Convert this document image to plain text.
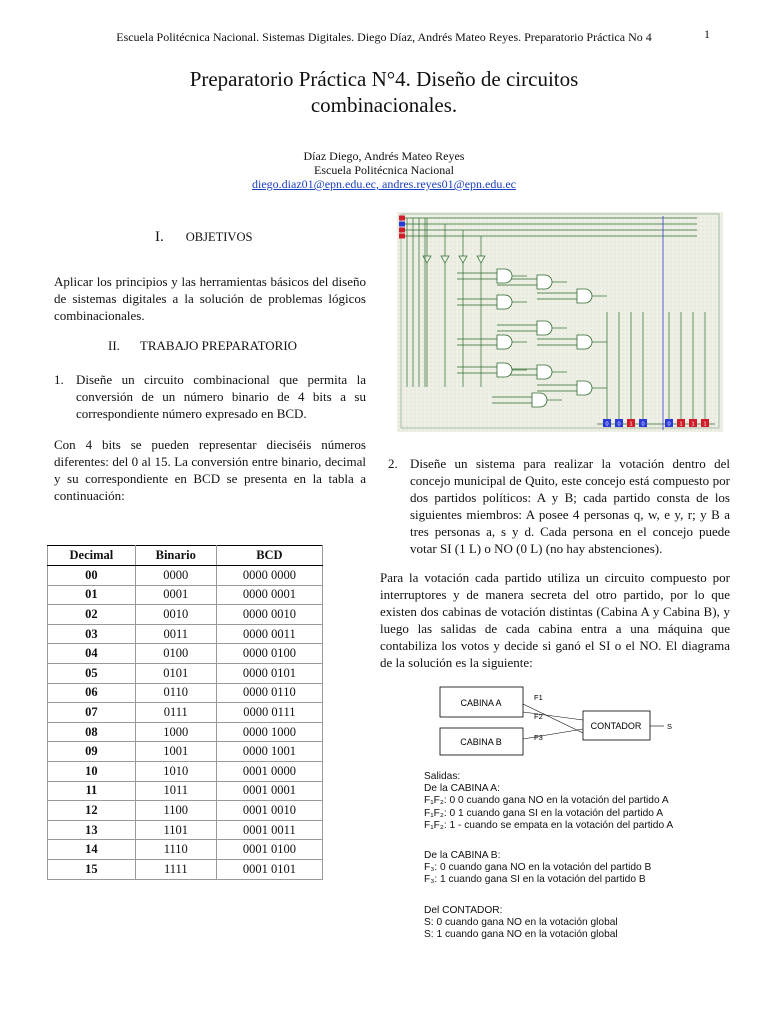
Escuela Politécnica Nacional. Sistemas Digitales. Diego Díaz, Andrés Mateo Reyes. Preparatorio Práctica No 4	1
Preparatorio Práctica N°4. Diseño de circuitos
combinacionales.
Díaz Diego, Andrés Mateo Reyes
Escuela Politécnica Nacional
diego.diaz01@epn.edu.ec, andres.reyes01@epn.edu.ec
I. OBJETIVOS
Aplicar los principios y las herramientas básicos del diseño de sistemas digitales a la solución de problemas lógicos combinacionales.
II. TRABAJO PREPARATORIO
1. Diseñe un circuito combinacional que permita la conversión de un número binario de 4 bits a su correspondiente número expresado en BCD.
Con 4 bits se pueden representar dieciséis números diferentes: del 0 al 15. La conversión entre binario, decimal y su correspondiente en BCD se presenta en la tabla a continuación:
Decimal	Binario	BCD
00	0000	0000 0000
01	0001	0000 0001
02	0010	0000 0010
03	0011	0000 0011
04	0100	0000 0100
05	0101	0000 0101
06	0110	0000 0110
07	0111	0000 0111
08	1000	0000 1000
09	1001	0000 1001
10	1010	0001 0000
11	1011	0001 0001
12	1100	0001 0010
13	1101	0001 0011
14	1110	0001 0100
15	1111	0001 0101
0 0 1 0	0 1 1 1
2. Diseñe un sistema para realizar la votación dentro del concejo municipal de Quito, este concejo está compuesto por dos partidos políticos: A y B; cada partido consta de los siguientes miembros: A posee 4 personas q, w, e y, r; y B a tres personas a, s y d. Cada persona en el concejo puede votar SI (1 L) o NO (0 L) (no hay abstenciones).
Para la votación cada partido utiliza un circuito compuesto por interruptores y de manera secreta del otro partido, por lo que existen dos cabinas de votación distintas (Cabina A y Cabina B), y luego las salidas de cada cabina entra a una máquina que contabiliza los votos y decide si ganó el SI o el NO. El diagrama de la solución es la siguiente:
CABINA A
CABINA B
CONTADOR
F1
F2
F3
S
Salidas:
De la CABINA A:
F₁F₂: 0 0 cuando gana NO en la votación del partido A
F₁F₂: 0 1 cuando gana SI en la votación del partido A
F₁F₂: 1 - cuando se empata en la votación del partido A
De la CABINA B:
F₃: 0 cuando gana NO en la votación del partido B
F₃: 1 cuando gana SI en la votación del partido B
Del CONTADOR:
S: 0 cuando gana NO en la votación global
S: 1 cuando gana NO en la votación global
